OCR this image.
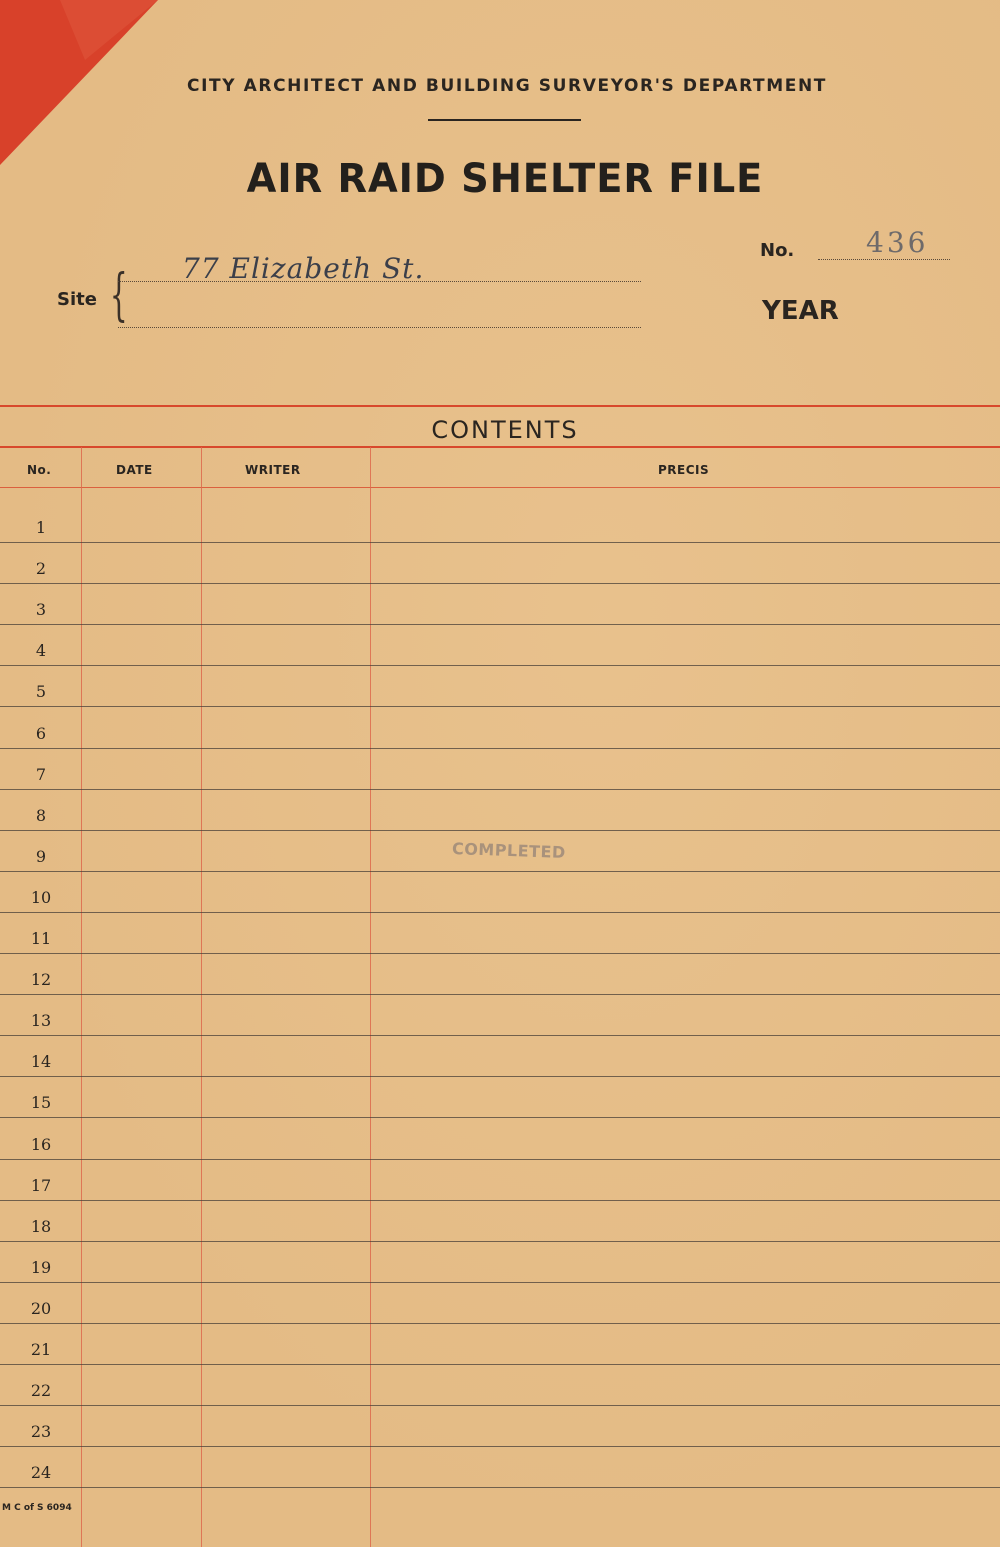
CITY ARCHITECT AND BUILDING SURVEYOR'S DEPARTMENT
AIR RAID SHELTER FILE
No.	436
YEAR
Site { 77 Elizabeth St.
CONTENTS
No.	DATE	WRITER	PRECIS
1
2
3
4
5
6
7
8
9
10
11
12
13
14
15
16
17
18
19
20
21
22
23
24
COMPLETED
M C of S 6094
